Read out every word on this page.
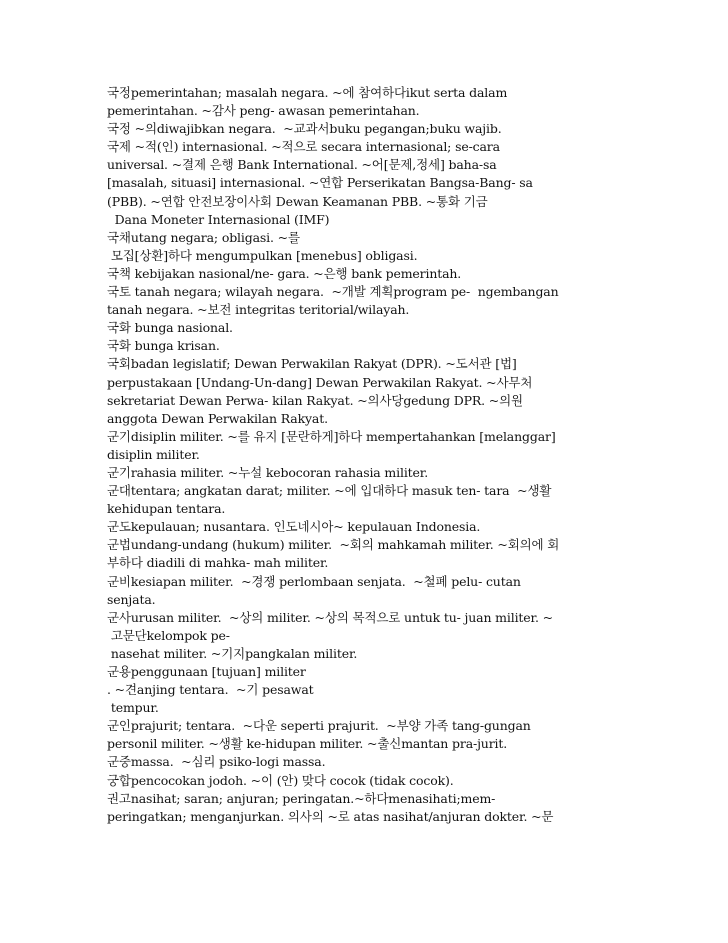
국정pemerintahan; masalah negara. ~에 참여하다ikut serta dalam
pemerintahan. ~감사 peng- awasan pemerintahan.
국정 ~의diwajibkan negara.  ~교과서buku pegangan;buku wajib.
국제 ~적(인) internasional. ~적으로 secara internasional; se-cara
universal. ~결제 은행 Bank International. ~어[문제,정세] baha-sa
[masalah, situasi] internasional. ~연합 Perserikatan Bangsa-Bang- sa
(PBB). ~연합 안전보장이사회 Dewan Keamanan PBB. ~통화 기금
Dana Moneter Internasional (IMF)
국채utang negara; obligasi. ~를
모집[상환]하다 mengumpulkan [menebus] obligasi.
국책 kebijakan nasional/ne- gara. ~은행 bank pemerintah.
국토 tanah negara; wilayah negara.  ~개발 계획program pe-  ngembangan
tanah negara. ~보전 integritas teritorial/wilayah.
국화 bunga nasional.
국화 bunga krisan.
국회badan legislatif; Dewan Perwakilan Rakyat (DPR). ~도서관 [법]
perpustakaan [Undang-Un-dang] Dewan Perwakilan Rakyat. ~사무처
sekretariat Dewan Perwa- kilan Rakyat. ~의사당gedung DPR. ~의원
anggota Dewan Perwakilan Rakyat.
군기disiplin militer. ~를 유지 [문란하게]하다 mempertahankan [melanggar]
disiplin militer.
군기rahasia militer. ~누설 kebocoran rahasia militer.
군대tentara; angkatan darat; militer. ~에 입대하다 masuk ten- tara  ~생활
kehidupan tentara.
군도kepulauan; nusantara. 인도네시아~ kepulauan Indonesia.
군법undang-undang (hukum) militer.  ~회의 mahkamah militer. ~회의에 회
부하다 diadili di mahka- mah militer.
군비kesiapan militer.  ~경쟁 perlombaan senjata.  ~철폐 pelu- cutan
senjata.
군사urusan militer.  ~상의 militer. ~상의 목적으로 untuk tu- juan militer. ~
고문단kelompok pe-
nasehat militer. ~기지pangkalan militer.
군용penggunaan [tujuan] militer
. ~견anjing tentara.  ~기 pesawat
tempur.
군인prajurit; tentara.  ~다운 seperti prajurit.  ~부양 가족 tang-gungan
personil militer. ~생활 ke-hidupan militer. ~출신mantan pra-jurit.
군중massa.  ~심리 psiko-logi massa.
궁합pencocokan jodoh. ~이 (안) 맞다 cocok (tidak cocok).
권고nasihat; saran; anjuran; peringatan.~하다menasihati;mem-
peringatkan; menganjurkan. 의사의 ~로 atas nasihat/anjuran dokter. ~문
